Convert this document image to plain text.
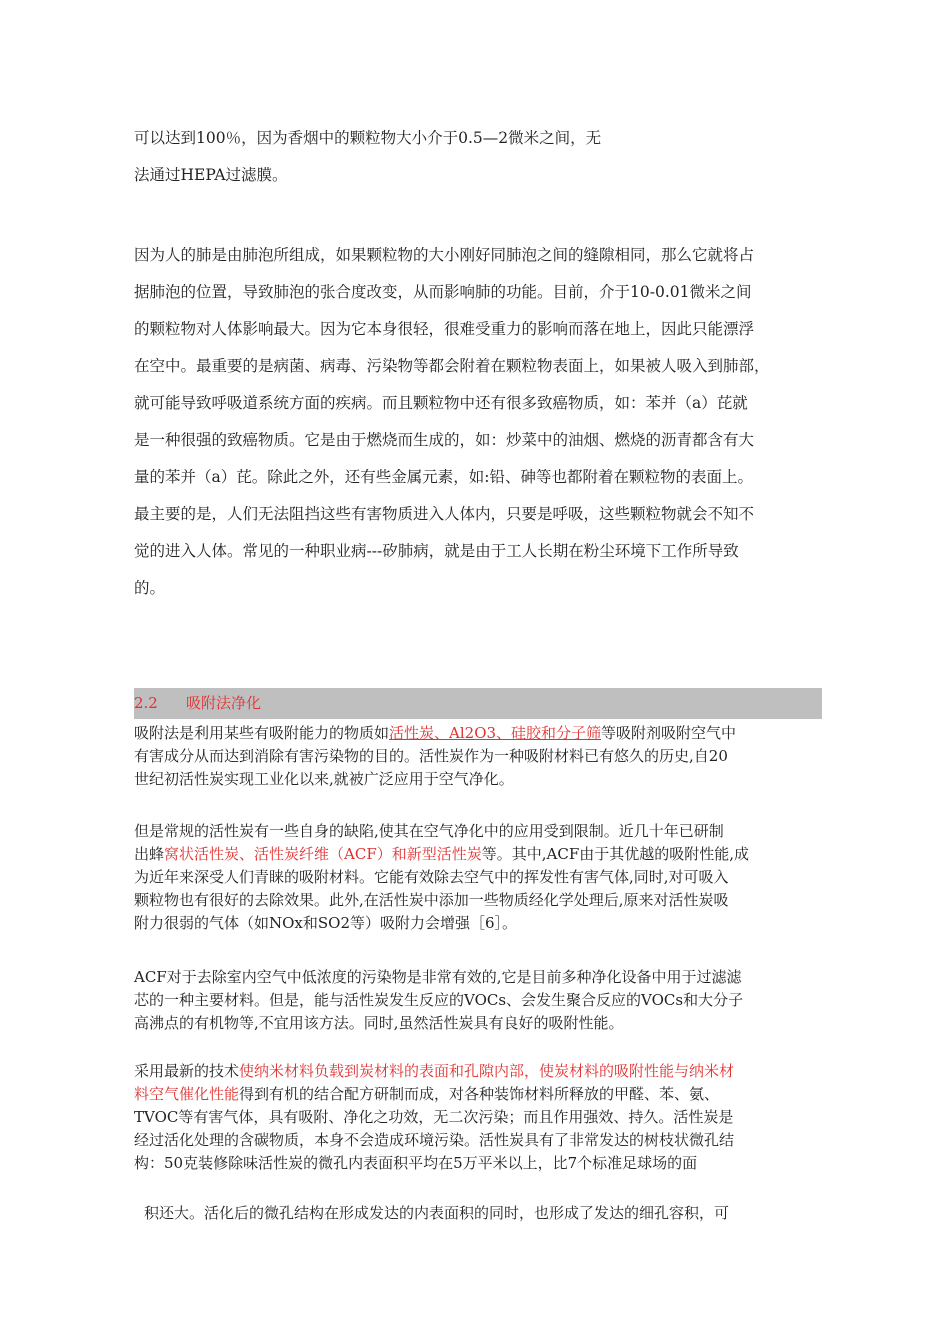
可以达到100％，因为香烟中的颗粒物大小介于0.5—2微米之间，无
法通过HEPA过滤膜。

因为人的肺是由肺泡所组成，如果颗粒物的大小刚好同肺泡之间的缝隙相同，那么它就将占
据肺泡的位置，导致肺泡的张合度改变，从而影响肺的功能。目前，介于10-0.01微米之间
的颗粒物对人体影响最大。因为它本身很轻，很难受重力的影响而落在地上，因此只能漂浮
在空中。最重要的是病菌、病毒、污染物等都会附着在颗粒物表面上，如果被人吸入到肺部，
就可能导致呼吸道系统方面的疾病。而且颗粒物中还有很多致癌物质，如：苯并（a）芘就
是一种很强的致癌物质。它是由于燃烧而生成的，如：炒菜中的油烟、燃烧的沥青都含有大
量的苯并（a）芘。除此之外，还有些金属元素，如:铅、砷等也都附着在颗粒物的表面上。
最主要的是，人们无法阻挡这些有害物质进入人体内，只要是呼吸，这些颗粒物就会不知不
觉的进入人体。常见的一种职业病---矽肺病，就是由于工人长期在粉尘环境下工作所导致
的。

2.2 吸附法净化

吸附法是利用某些有吸附能力的物质如活性炭、Al2O3、硅胶和分子筛等吸附剂吸附空气中
有害成分从而达到消除有害污染物的目的。活性炭作为一种吸附材料已有悠久的历史,自20
世纪初活性炭实现工业化以来,就被广泛应用于空气净化。

但是常规的活性炭有一些自身的缺陷,使其在空气净化中的应用受到限制。近几十年已研制
出蜂窝状活性炭、活性炭纤维（ACF）和新型活性炭等。其中,ACF由于其优越的吸附性能,成
为近年来深受人们青睐的吸附材料。它能有效除去空气中的挥发性有害气体,同时,对可吸入
颗粒物也有很好的去除效果。此外,在活性炭中添加一些物质经化学处理后,原来对活性炭吸
附力很弱的气体（如NOx和SO2等）吸附力会增强［6］。

ACF对于去除室内空气中低浓度的污染物是非常有效的,它是目前多种净化设备中用于过滤滤
芯的一种主要材料。但是，能与活性炭发生反应的VOCs、会发生聚合反应的VOCs和大分子
高沸点的有机物等,不宜用该方法。同时,虽然活性炭具有良好的吸附性能。

采用最新的技术使纳米材料负载到炭材料的表面和孔隙内部，使炭材料的吸附性能与纳米材
料空气催化性能得到有机的结合配方研制而成，对各种装饰材料所释放的甲醛、苯、氨、
TVOC等有害气体，具有吸附、净化之功效，无二次污染；而且作用强效、持久。活性炭是
经过活化处理的含碳物质，本身不会造成环境污染。活性炭具有了非常发达的树枝状微孔结
构：50克装修除味活性炭的微孔内表面积平均在5万平米以上，比7个标准足球场的面

积还大。活化后的微孔结构在形成发达的内表面积的同时，也形成了发达的细孔容积，可
